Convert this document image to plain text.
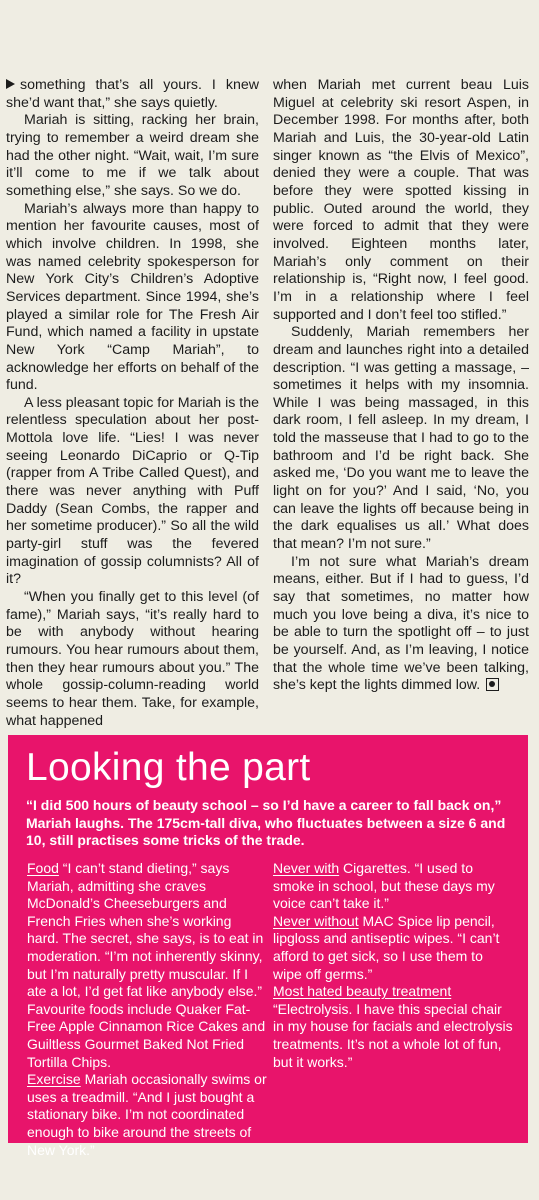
something that’s all yours. I knew she’d want that,” she says quietly.

Mariah is sitting, racking her brain, trying to remember a weird dream she had the other night. “Wait, wait, I’m sure it’ll come to me if we talk about something else,” she says. So we do.

Mariah’s always more than happy to mention her favourite causes, most of which involve children. In 1998, she was named celebrity spokesperson for New York City’s Children’s Adoptive Services department. Since 1994, she’s played a similar role for The Fresh Air Fund, which named a facility in upstate New York “Camp Mariah”, to acknowledge her efforts on behalf of the fund.

A less pleasant topic for Mariah is the relentless speculation about her post-Mottola love life. “Lies! I was never seeing Leonardo DiCaprio or Q-Tip (rapper from A Tribe Called Quest), and there was never anything with Puff Daddy (Sean Combs, the rapper and her sometime producer).” So all the wild party-girl stuff was the fevered imagination of gossip columnists? All of it?

“When you finally get to this level (of fame),” Mariah says, “it’s really hard to be with anybody without hearing rumours. You hear rumours about them, then they hear rumours about you.” The whole gossip-column-reading world seems to hear them. Take, for example, what happened

when Mariah met current beau Luis Miguel at celebrity ski resort Aspen, in December 1998. For months after, both Mariah and Luis, the 30-year-old Latin singer known as “the Elvis of Mexico”, denied they were a couple. That was before they were spotted kissing in public. Outed around the world, they were forced to admit that they were involved. Eighteen months later, Mariah’s only comment on their relationship is, “Right now, I feel good. I’m in a relationship where I feel supported and I don’t feel too stifled.”

Suddenly, Mariah remembers her dream and launches right into a detailed description. “I was getting a massage, – sometimes it helps with my insomnia. While I was being massaged, in this dark room, I fell asleep. In my dream, I told the masseuse that I had to go to the bathroom and I’d be right back. She asked me, ‘Do you want me to leave the light on for you?’ And I said, ‘No, you can leave the lights off because being in the dark equalises us all.’ What does that mean? I’m not sure.”

I’m not sure what Mariah’s dream means, either. But if I had to guess, I’d say that sometimes, no matter how much you love being a diva, it’s nice to be able to turn the spotlight off – to just be yourself. And, as I’m leaving, I notice that the whole time we’ve been talking, she’s kept the lights dimmed low.

Looking the part
“I did 500 hours of beauty school – so I’d have a career to fall back on,” Mariah laughs. The 175cm-tall diva, who fluctuates between a size 6 and 10, still practises some tricks of the trade.

Food “I can’t stand dieting,” says Mariah, admitting she craves McDonald’s Cheeseburgers and French Fries when she’s working hard. The secret, she says, is to eat in moderation. “I’m not inherently skinny, but I’m naturally pretty muscular. If I ate a lot, I’d get fat like anybody else.” Favourite foods include Quaker Fat-Free Apple Cinnamon Rice Cakes and Guiltless Gourmet Baked Not Fried Tortilla Chips.

Exercise Mariah occasionally swims or uses a treadmill. “And I just bought a stationary bike. I’m not coordinated enough to bike around the streets of New York.”

Never with Cigarettes. “I used to smoke in school, but these days my voice can’t take it.”

Never without MAC Spice lip pencil, lipgloss and antiseptic wipes. “I can’t afford to get sick, so I use them to wipe off germs.”

Most hated beauty treatment

“Electrolysis. I have this special chair in my house for facials and electrolysis treatments. It’s not a whole lot of fun, but it works.”
